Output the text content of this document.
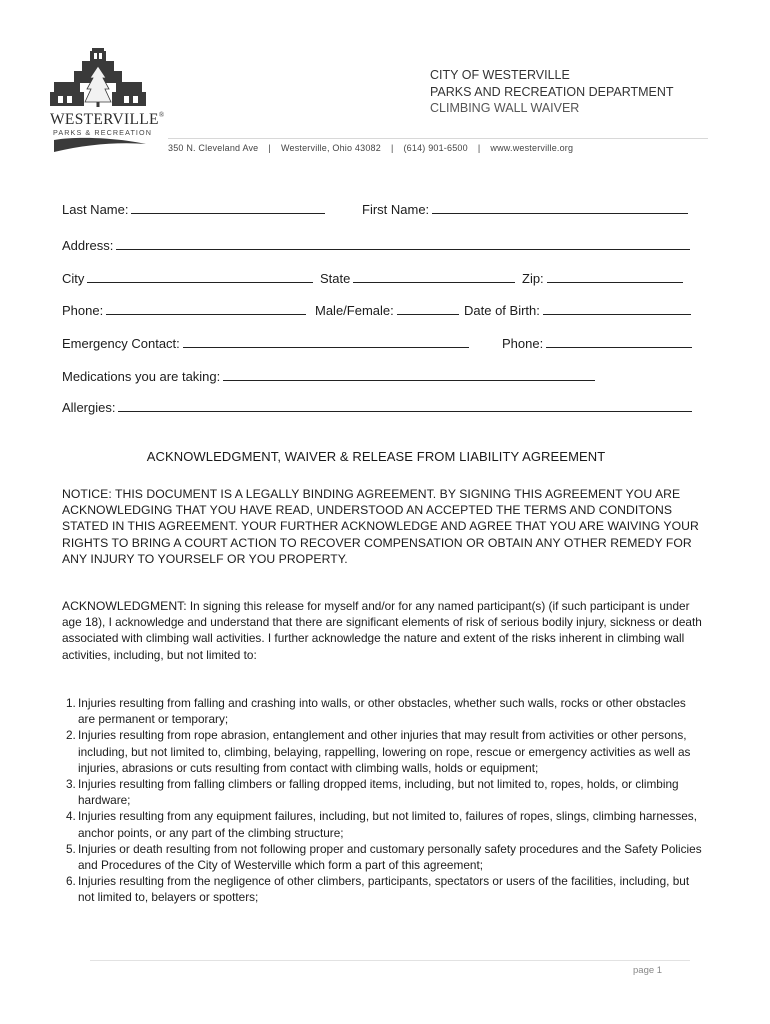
WESTERVILLE®
PARKS & RECREATION
CITY OF WESTERVILLE
PARKS AND RECREATION DEPARTMENT
CLIMBING WALL WAIVER
350 N. Cleveland Ave | Westerville, Ohio 43082 | (614) 901-6500 | www.westerville.org
Last Name:	First Name:
Address:
City	State	Zip:
Phone:	Male/Female:	Date of Birth:
Emergency Contact:	Phone:
Medications you are taking:
Allergies:
ACKNOWLEDGMENT, WAIVER & RELEASE FROM LIABILITY AGREEMENT
NOTICE: THIS DOCUMENT IS A LEGALLY BINDING AGREEMENT. BY SIGNING THIS AGREEMENT YOU ARE ACKNOWLEDGING THAT YOU HAVE READ, UNDERSTOOD AN ACCEPTED THE TERMS AND CONDITONS STATED IN THIS AGREEMENT. YOUR FURTHER ACKNOWLEDGE AND AGREE THAT YOU ARE WAIVING YOUR RIGHTS TO BRING A COURT ACTION TO RECOVER COMPENSATION OR OBTAIN ANY OTHER REMEDY FOR ANY INJURY TO YOURSELF OR YOU PROPERTY.
ACKNOWLEDGMENT: In signing this release for myself and/or for any named participant(s) (if such participant is under age 18), I acknowledge and understand that there are significant elements of risk of serious bodily injury, sickness or death associated with climbing wall activities. I further acknowledge the nature and extent of the risks inherent in climbing wall activities, including, but not limited to:
1. Injuries resulting from falling and crashing into walls, or other obstacles, whether such walls, rocks or other obstacles are permanent or temporary;
2. Injuries resulting from rope abrasion, entanglement and other injuries that may result from activities or other persons, including, but not limited to, climbing, belaying, rappelling, lowering on rope, rescue or emergency activities as well as injuries, abrasions or cuts resulting from contact with climbing walls, holds or equipment;
3. Injuries resulting from falling climbers or falling dropped items, including, but not limited to, ropes, holds, or climbing hardware;
4. Injuries resulting from any equipment failures, including, but not limited to, failures of ropes, slings, climbing harnesses, anchor points, or any part of the climbing structure;
5. Injuries or death resulting from not following proper and customary personally safety procedures and the Safety Policies and Procedures of the City of Westerville which form a part of this agreement;
6. Injuries resulting from the negligence of other climbers, participants, spectators or users of the facilities, including, but not limited to, belayers or spotters;
page 1
